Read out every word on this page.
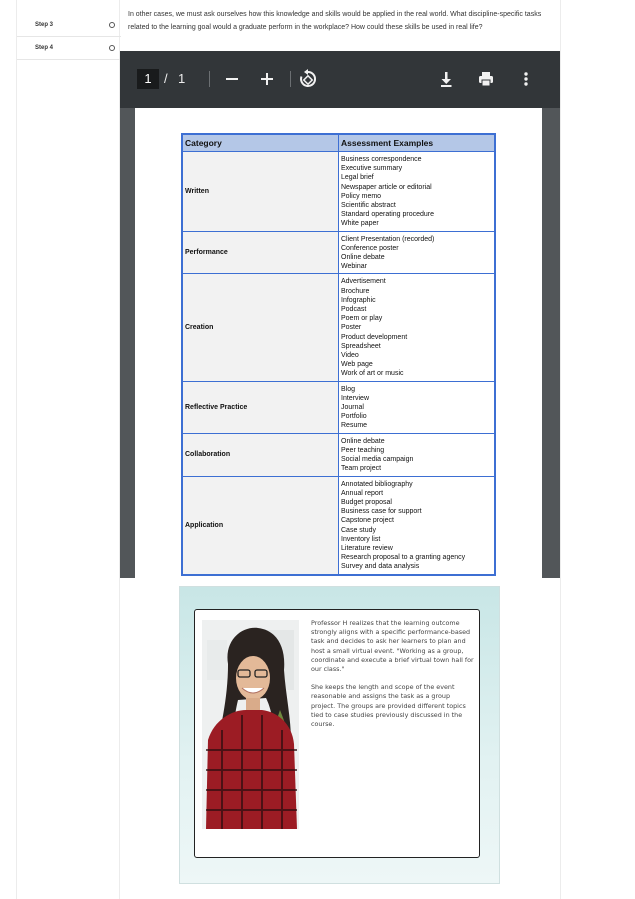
Step 3
Step 4

In other cases, we must ask ourselves how this knowledge and skills would be applied in the real world. What discipline-specific tasks related to the learning goal would a graduate perform in the workplace? How could these skills be used in real life?

1 / 1
Category	Assessment Examples
Written
Business correspondence
Executive summary
Legal brief
Newspaper article or editorial
Policy memo
Scientific abstract
Standard operating procedure
White paper
Performance
Client Presentation (recorded)
Conference poster
Online debate
Webinar
Creation
Advertisement
Brochure
Infographic
Podcast
Poem or play
Poster
Product development
Spreadsheet
Video
Web page
Work of art or music
Reflective Practice
Blog
Interview
Journal
Portfolio
Resume
Collaboration
Online debate
Peer teaching
Social media campaign
Team project
Application
Annotated bibliography
Annual report
Budget proposal
Business case for support
Capstone project
Case study
Inventory list
Literature review
Research proposal to a granting agency
Survey and data analysis

Professor H realizes that the learning outcome strongly aligns with a specific performance-based task and decides to ask her learners to plan and host a small virtual event. "Working as a group, coordinate and execute a brief virtual town hall for our class."

She keeps the length and scope of the event reasonable and assigns the task as a group project. The groups are provided different topics tied to case studies previously discussed in the course.
